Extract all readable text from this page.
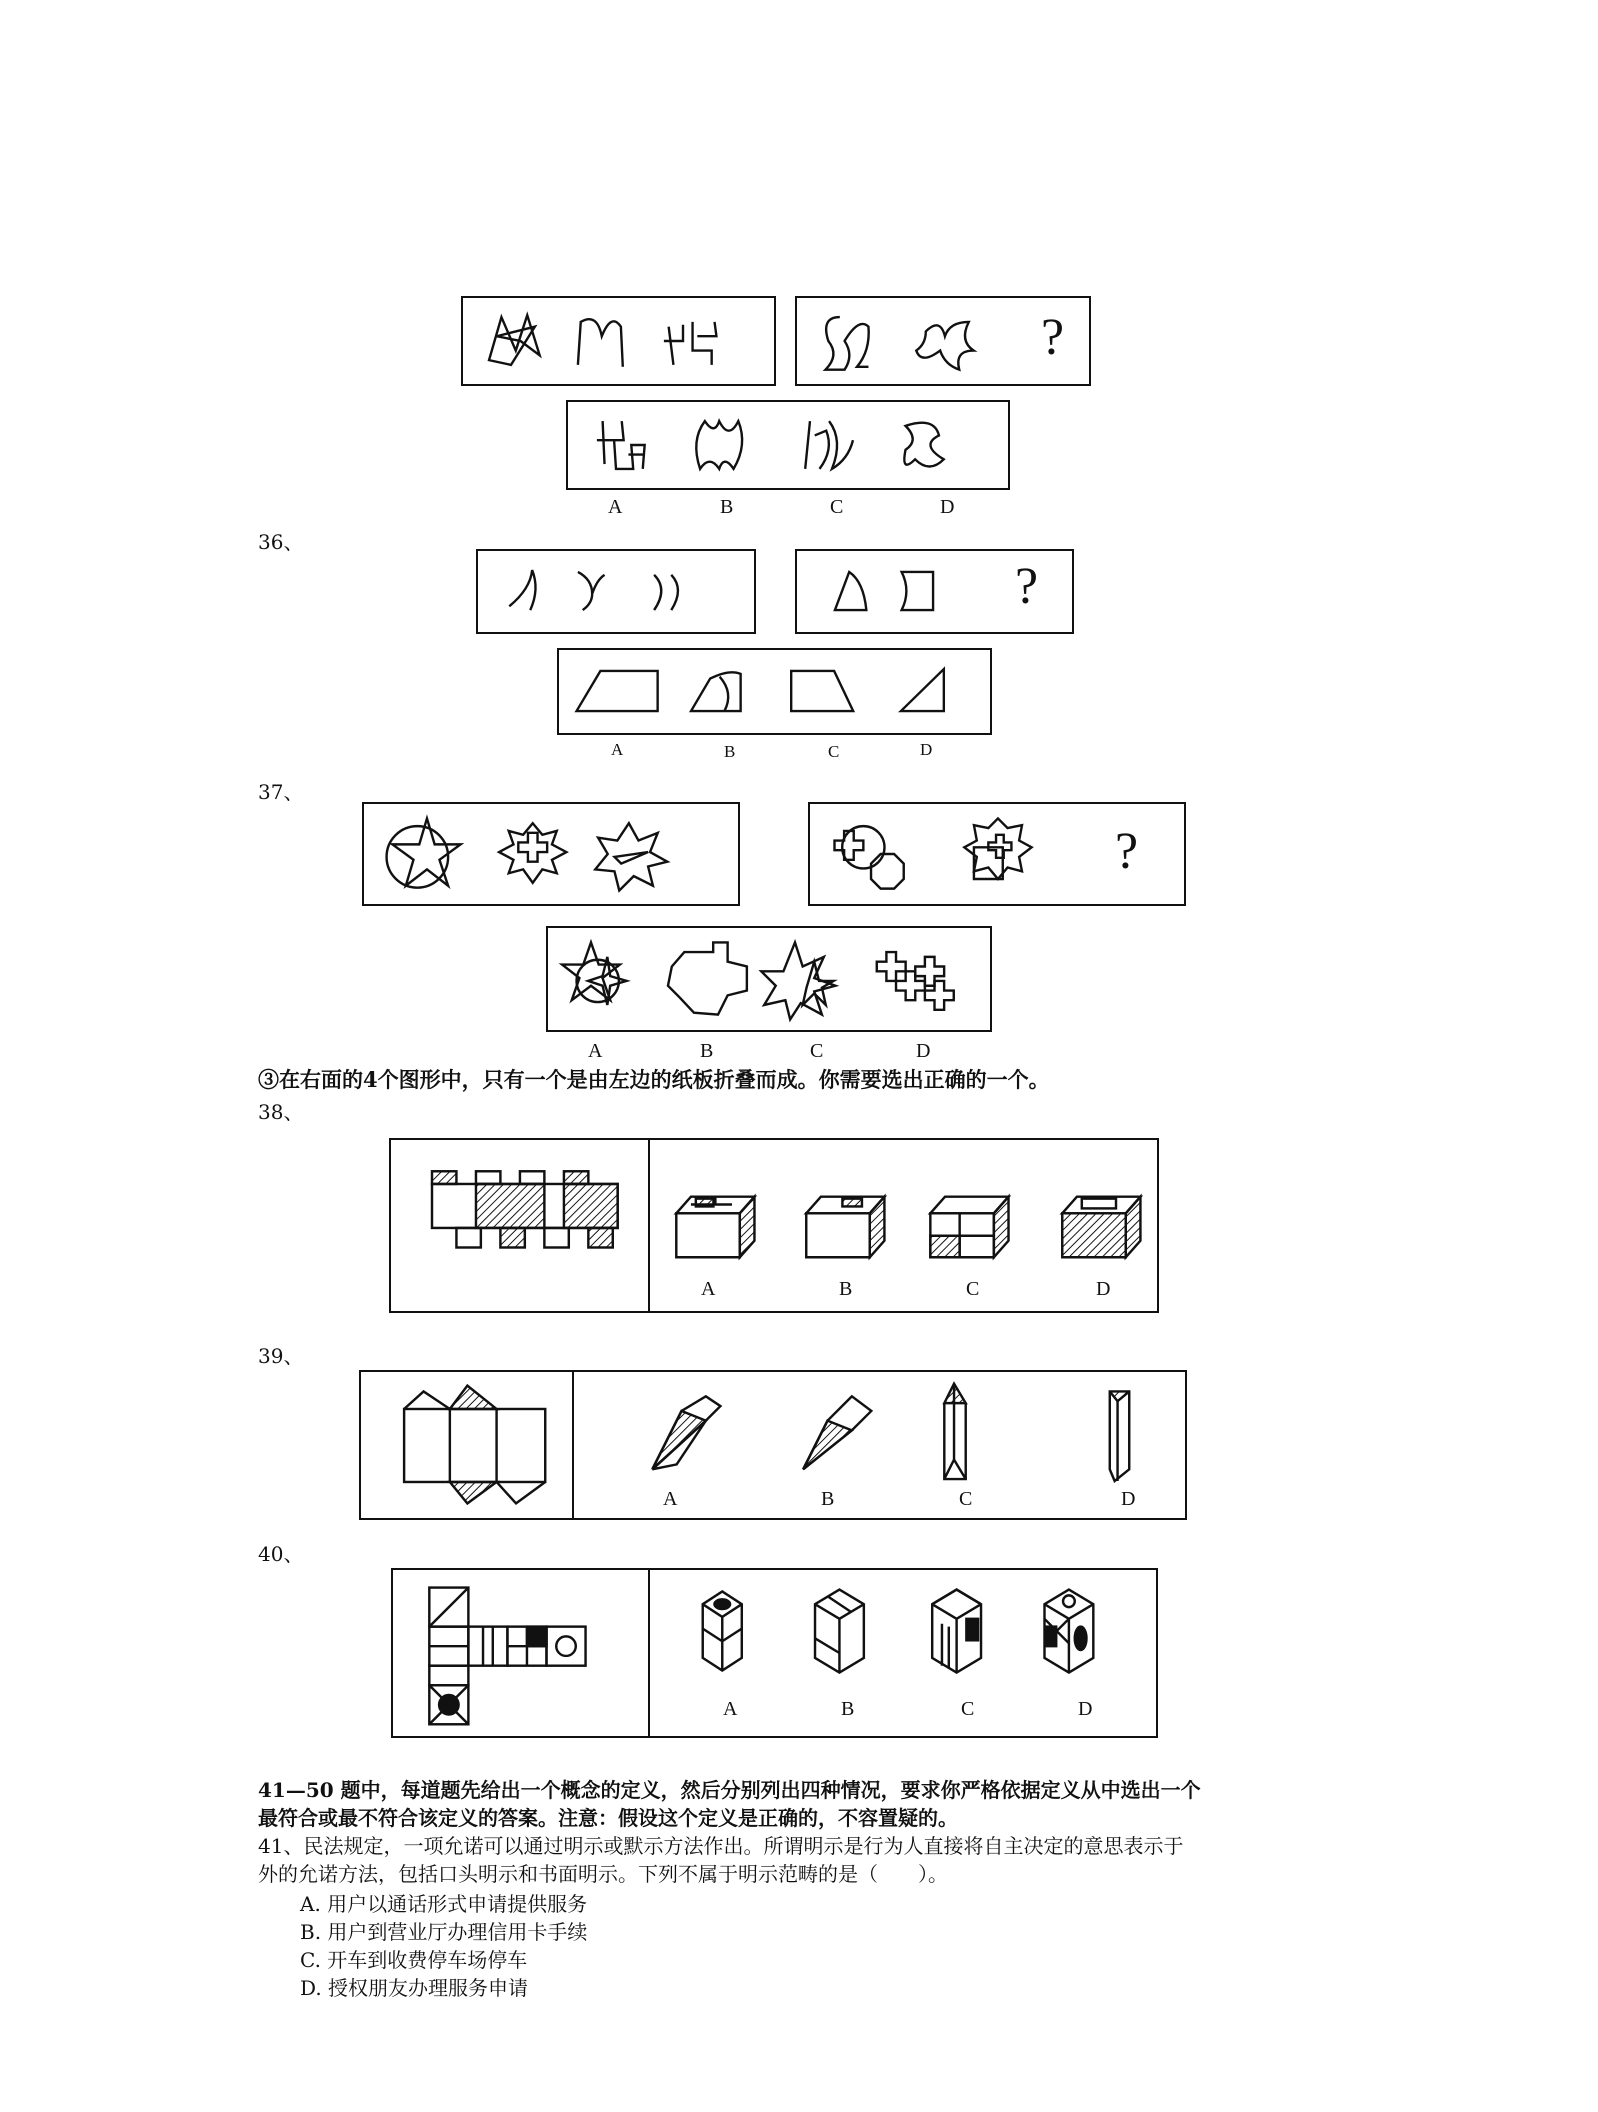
?
A	B	C	D
36、
?
A	B	C	D
37、
?
A	B	C	D
③在右面的4个图形中，只有一个是由左边的纸板折叠而成。你需要选出正确的一个。
38、
A	B	C	D
39、
A	B	C	D
40、
A	B	C	D
41—50 题中，每道题先给出一个概念的定义，然后分别列出四种情况，要求你严格依据定义从中选出一个
最符合或最不符合该定义的答案。注意：假设这个定义是正确的，不容置疑的。
41、民法规定，一项允诺可以通过明示或默示方法作出。所谓明示是行为人直接将自主决定的意思表示于
外的允诺方法，包括口头明示和书面明示。下列不属于明示范畴的是（　　）。
A. 用户以通话形式申请提供服务
B. 用户到营业厅办理信用卡手续
C. 开车到收费停车场停车
D. 授权朋友办理服务申请
